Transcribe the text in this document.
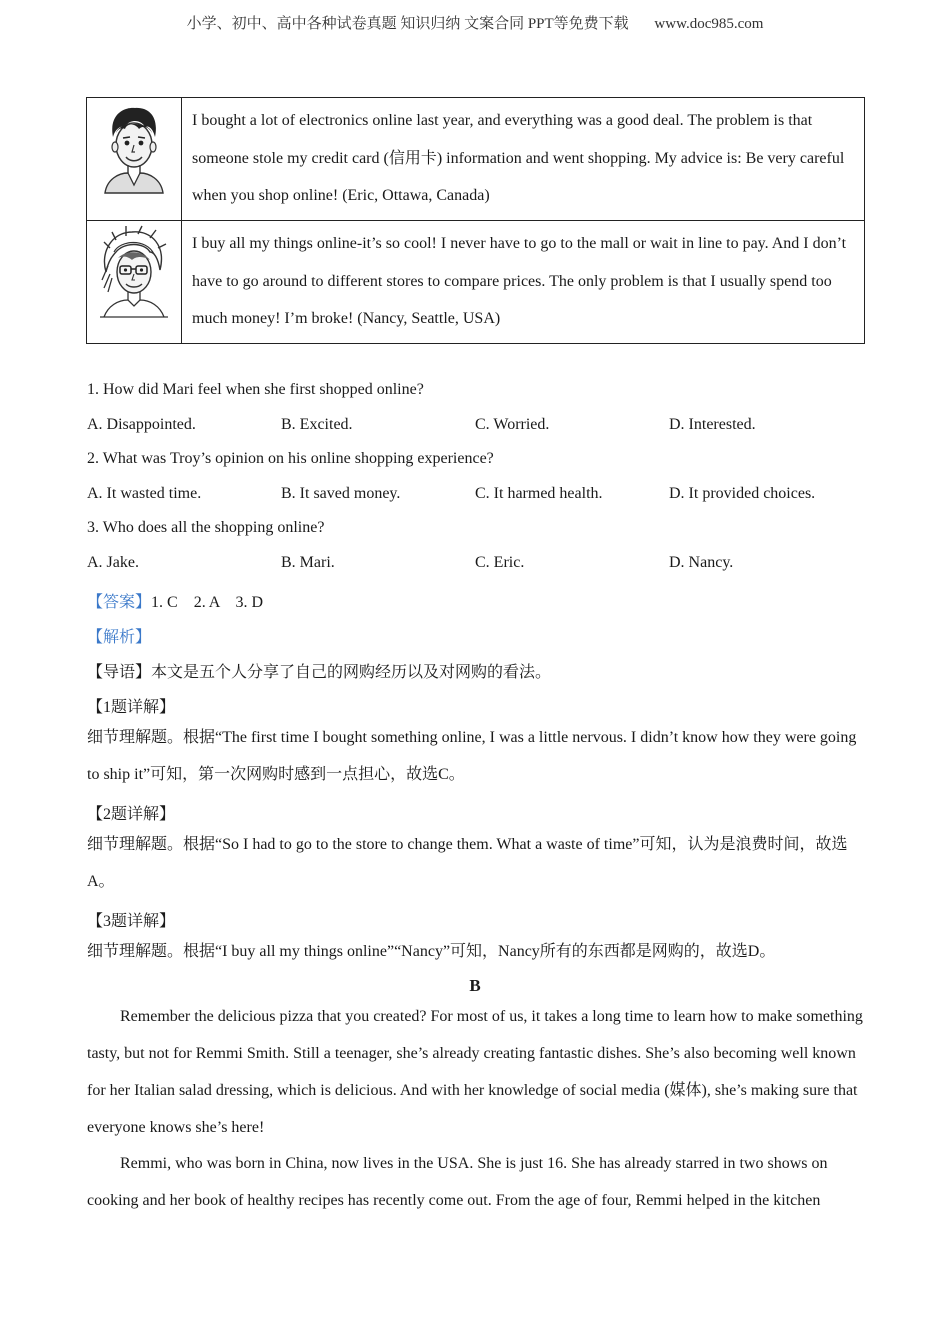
小学、初中、高中各种试卷真题 知识归纳 文案合同 PPT等免费下载 www.doc985.com
	I bought a lot of electronics online last year, and everything was a good deal. The problem is that someone stole my credit card (信用卡) information and went shopping. My advice is: Be very careful when you shop online! (Eric, Ottawa, Canada)
	I buy all my things online-it’s so cool! I never have to go to the mall or wait in line to pay. And I don’t have to go around to different stores to compare prices. The only problem is that I usually spend too much money! I’m broke! (Nancy, Seattle, USA)
1. How did Mari feel when she first shopped online?
A. Disappointed.	B. Excited.	C. Worried.	D. Interested.
2. What was Troy’s opinion on his online shopping experience?
A. It wasted time.	B. It saved money.	C. It harmed health.	D. It provided choices.
3. Who does all the shopping online?
A. Jake.	B. Mari.	C. Eric.	D. Nancy.
【答案】1. C    2. A    3. D
【解析】
【导语】本文是五个人分享了自己的网购经历以及对网购的看法。
【1题详解】
细节理解题。根据“The first time I bought something online, I was a little nervous. I didn’t know how they were going to ship it”可知，第一次网购时感到一点担心，故选C。
【2题详解】
细节理解题。根据“So I had to go to the store to change them. What a waste of time”可知，认为是浪费时间，故选A。
【3题详解】
细节理解题。根据“I buy all my things online”“Nancy”可知，Nancy所有的东西都是网购的，故选D。
B
Remember the delicious pizza that you created? For most of us, it takes a long time to learn how to make something tasty, but not for Remmi Smith. Still a teenager, she’s already creating fantastic dishes. She’s also becoming well known for her Italian salad dressing, which is delicious. And with her knowledge of social media (媒体), she’s making sure that everyone knows she’s here!
Remmi, who was born in China, now lives in the USA. She is just 16. She has already starred in two shows on cooking and her book of healthy recipes has recently come out. From the age of four, Remmi helped in the kitchen
